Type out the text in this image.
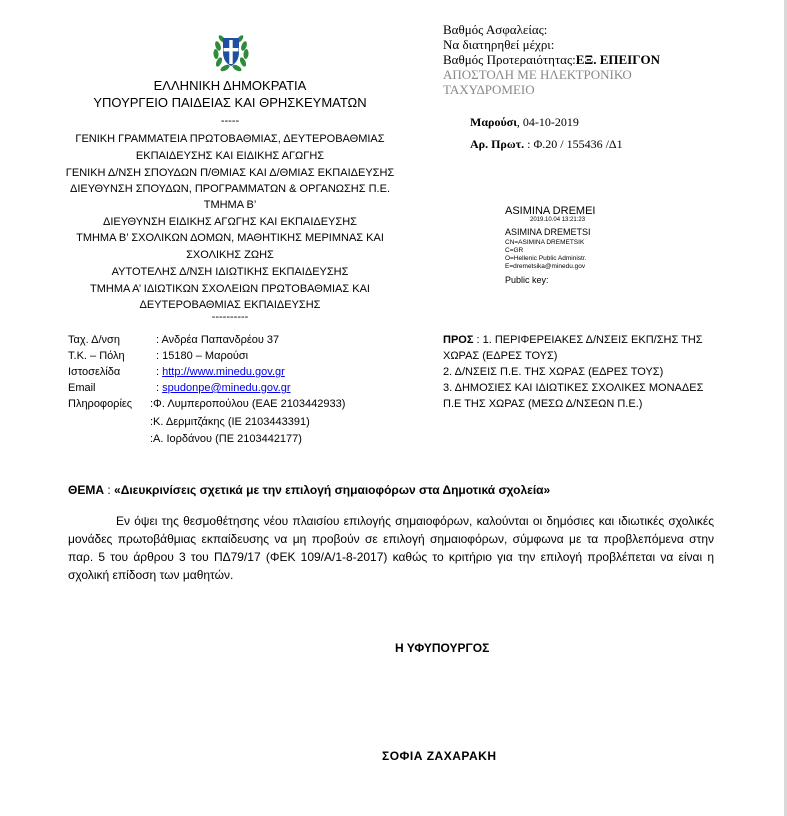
ΕΛΛΗΝΙΚΗ ΔΗΜΟΚΡΑΤΙΑ
ΥΠΟΥΡΓΕΙΟ ΠΑΙΔΕΙΑΣ ΚΑΙ ΘΡΗΣΚΕΥΜΑΤΩΝ
-----
ΓΕΝΙΚΗ ΓΡΑΜΜΑΤΕΙΑ ΠΡΩΤΟΒΑΘΜΙΑΣ, ΔΕΥΤΕΡΟΒΑΘΜΙΑΣ
ΕΚΠΑΙΔΕΥΣΗΣ ΚΑΙ ΕΙΔΙΚΗΣ ΑΓΩΓΗΣ
ΓΕΝΙΚΗ Δ/ΝΣΗ ΣΠΟΥΔΩΝ Π/ΘΜΙΑΣ ΚΑΙ Δ/ΘΜΙΑΣ ΕΚΠΑΙΔΕΥΣΗΣ
ΔΙΕΥΘΥΝΣΗ ΣΠΟΥΔΩΝ, ΠΡΟΓΡΑΜΜΑΤΩΝ & ΟΡΓΑΝΩΣΗΣ Π.Ε.
ΤΜΗΜΑ Β’
ΔΙΕΥΘΥΝΣΗ ΕΙΔΙΚΗΣ ΑΓΩΓΗΣ ΚΑΙ ΕΚΠΑΙΔΕΥΣΗΣ
ΤΜΗΜΑ Β’ ΣΧΟΛΙΚΩΝ ΔΟΜΩΝ, ΜΑΘΗΤΙΚΗΣ ΜΕΡΙΜΝΑΣ ΚΑΙ
ΣΧΟΛΙΚΗΣ ΖΩΗΣ
ΑΥΤΟΤΕΛΗΣ Δ/ΝΣΗ ΙΔΙΩΤΙΚΗΣ ΕΚΠΑΙΔΕΥΣΗΣ
ΤΜΗΜΑ Α’ ΙΔΙΩΤΙΚΩΝ ΣΧΟΛΕΙΩΝ ΠΡΩΤΟΒΑΘΜΙΑΣ ΚΑΙ
ΔΕΥΤΕΡΟΒΑΘΜΙΑΣ ΕΚΠΑΙΔΕΥΣΗΣ
----------
Βαθμός Ασφαλείας:
Να διατηρηθεί μέχρι:
Βαθμός Προτεραιότητας:ΕΞ. ΕΠΕΙΓΟΝ
ΑΠΟΣΤΟΛΗ ΜΕ ΗΛΕΚΤΡΟΝΙΚΟ
ΤΑΧΥΔΡΟΜΕΙΟ
Μαρούσι, 04-10-2019
Αρ. Πρωτ. : Φ.20 / 155436 /Δ1
ASIMINA DREMEI
2019.10.04 13:21:23
ASIMINA DREMETSI
CN=ASIMINA DREMETSIK
C=GR
O=Hellenic Public Administr.
E=dremetsika@minedu.gov
Public key:
Ταχ. Δ/νση
Τ.Κ. – Πόλη
Ιστοσελίδα
Email
Πληροφορίες
: Ανδρέα Παπανδρέου 37
: 15180 – Μαρούσι
: http://www.minedu.gov.gr
: spudonpe@minedu.gov.gr
:Φ. Λυμπεροπούλου (ΕΑΕ 2103442933)
:Κ. Δερμιτζάκης (ΙΕ 2103443391)
:Α. Ιορδάνου (ΠΕ 2103442177)
ΠΡΟΣ : 1. ΠΕΡΙΦΕΡΕΙΑΚΕΣ Δ/ΝΣΕΙΣ ΕΚΠ/ΣΗΣ ΤΗΣ
ΧΩΡΑΣ (ΕΔΡΕΣ ΤΟΥΣ)
2. Δ/ΝΣΕΙΣ Π.Ε. ΤΗΣ ΧΩΡΑΣ (ΕΔΡΕΣ ΤΟΥΣ)
3. ΔΗΜΟΣΙΕΣ ΚΑΙ ΙΔΙΩΤΙΚΕΣ ΣΧΟΛΙΚΕΣ ΜΟΝΑΔΕΣ
Π.Ε ΤΗΣ ΧΩΡΑΣ (ΜΕΣΩ Δ/ΝΣΕΩΝ Π.Ε.)
ΘΕΜΑ : «Διευκρινίσεις σχετικά με την επιλογή σημαιοφόρων στα Δημοτικά σχολεία»

Εν όψει της θεσμοθέτησης νέου πλαισίου επιλογής σημαιοφόρων, καλούνται οι δημόσιες και ιδιωτικές σχολικές μονάδες πρωτοβάθμιας εκπαίδευσης να μη προβούν σε επιλογή σημαιοφόρων, σύμφωνα με τα προβλεπόμενα στην παρ. 5 του άρθρου 3 του ΠΔ79/17 (ΦΕΚ 109/Α/1-8-2017) καθώς το κριτήριο για την επιλογή προβλέπεται να είναι η σχολική επίδοση των μαθητών.

Η ΥΦΥΠΟΥΡΓΟΣ
ΣΟΦΙΑ ΖΑΧΑΡΑΚΗ
